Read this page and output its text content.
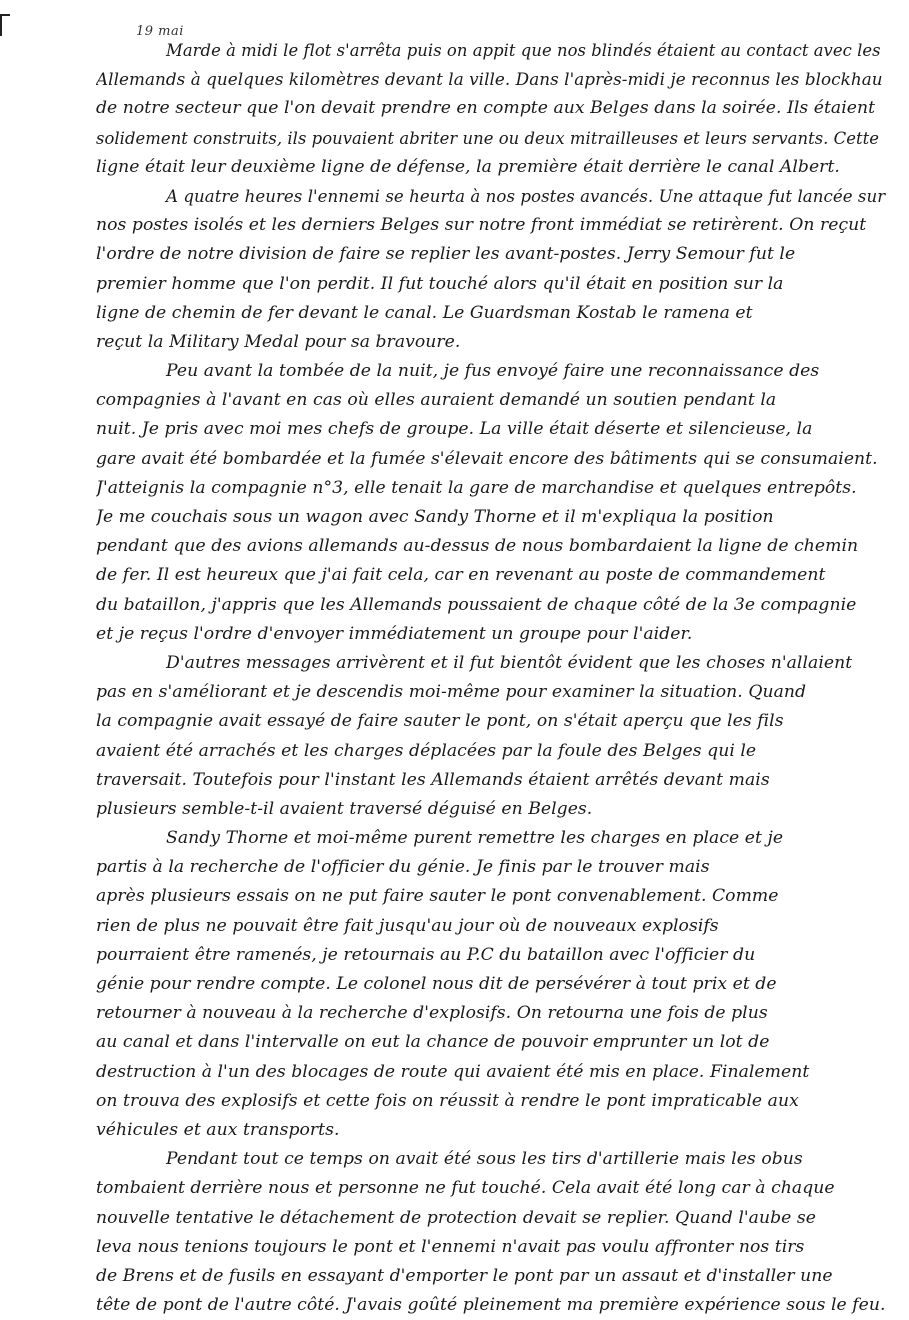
19 mai
Marde à midi le flot s'arrêta puis on appit que nos blindés étaient au contact avec les
Allemands à quelques kilomètres devant la ville. Dans l'après-midi je reconnus les blockhau
de notre secteur que l'on devait prendre en compte aux Belges dans la soirée. Ils étaient
solidement construits, ils pouvaient abriter une ou deux mitrailleuses et leurs servants. Cette
ligne était leur deuxième ligne de défense, la première était derrière le canal Albert.
A quatre heures l'ennemi se heurta à nos postes avancés. Une attaque fut lancée sur
nos postes isolés et les derniers Belges sur notre front immédiat se retirèrent. On reçut
l'ordre de notre division de faire se replier les avant-postes. Jerry Semour fut le
premier homme que l'on perdit. Il fut touché alors qu'il était en position sur la
ligne de chemin de fer devant le canal. Le Guardsman Kostab le ramena et
reçut la Military Medal pour sa bravoure.
Peu avant la tombée de la nuit, je fus envoyé faire une reconnaissance des
compagnies à l'avant en cas où elles auraient demandé un soutien pendant la
nuit. Je pris avec moi mes chefs de groupe. La ville était déserte et silencieuse, la
gare avait été bombardée et la fumée s'élevait encore des bâtiments qui se consumaient.
J'atteignis la compagnie n°3, elle tenait la gare de marchandise et quelques entrepôts.
Je me couchais sous un wagon avec Sandy Thorne et il m'expliqua la position
pendant que des avions allemands au-dessus de nous bombardaient la ligne de chemin
de fer. Il est heureux que j'ai fait cela, car en revenant au poste de commandement
du bataillon, j'appris que les Allemands poussaient de chaque côté de la 3e compagnie
et je reçus l'ordre d'envoyer immédiatement un groupe pour l'aider.
D'autres messages arrivèrent et il fut bientôt évident que les choses n'allaient
pas en s'améliorant et je descendis moi-même pour examiner la situation. Quand
la compagnie avait essayé de faire sauter le pont, on s'était aperçu que les fils
avaient été arrachés et les charges déplacées par la foule des Belges qui le
traversait. Toutefois pour l'instant les Allemands étaient arrêtés devant mais
plusieurs semble-t-il avaient traversé déguisé en Belges.
Sandy Thorne et moi-même purent remettre les charges en place et je
partis à la recherche de l'officier du génie. Je finis par le trouver mais
après plusieurs essais on ne put faire sauter le pont convenablement. Comme
rien de plus ne pouvait être fait jusqu'au jour où de nouveaux explosifs
pourraient être ramenés, je retournais au P.C du bataillon avec l'officier du
génie pour rendre compte. Le colonel nous dit de persévérer à tout prix et de
retourner à nouveau à la recherche d'explosifs. On retourna une fois de plus
au canal et dans l'intervalle on eut la chance de pouvoir emprunter un lot de
destruction à l'un des blocages de route qui avaient été mis en place. Finalement
on trouva des explosifs et cette fois on réussit à rendre le pont impraticable aux
véhicules et aux transports.
Pendant tout ce temps on avait été sous les tirs d'artillerie mais les obus
tombaient derrière nous et personne ne fut touché. Cela avait été long car à chaque
nouvelle tentative le détachement de protection devait se replier. Quand l'aube se
leva nous tenions toujours le pont et l'ennemi n'avait pas voulu affronter nos tirs
de Brens et de fusils en essayant d'emporter le pont par un assaut et d'installer une
tête de pont de l'autre côté. J'avais goûté pleinement ma première expérience sous le feu.
